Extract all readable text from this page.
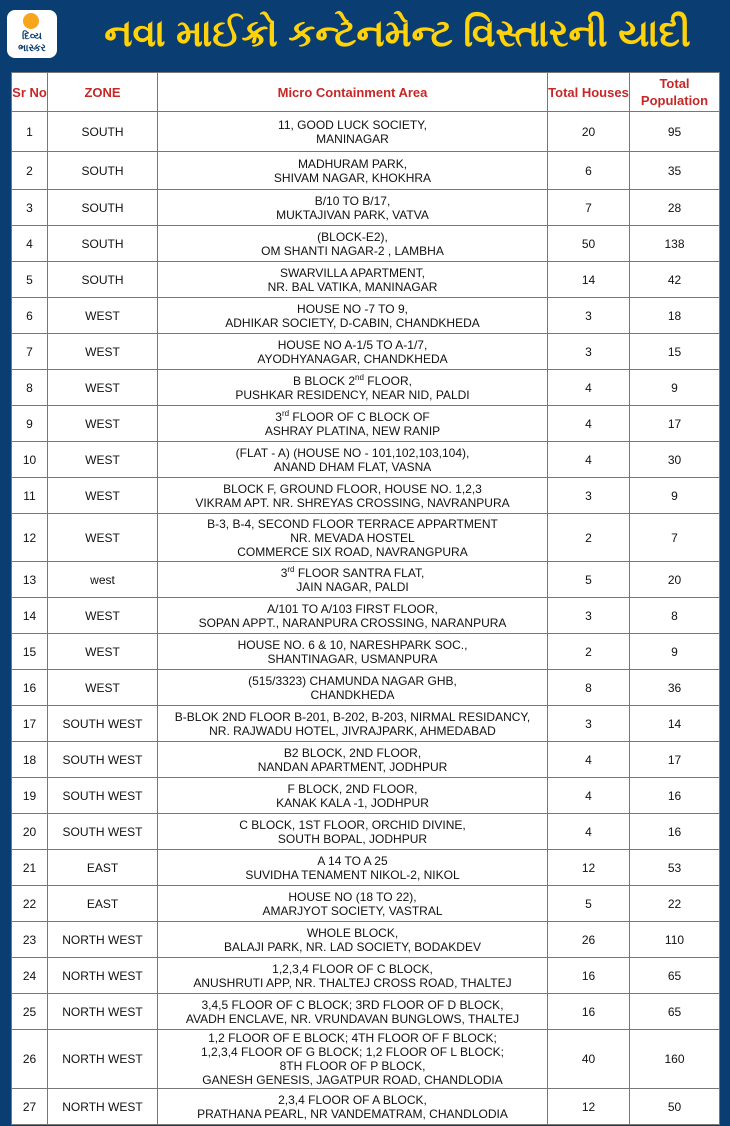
દિવ્ય
ભાસ્કર	નવા માઈક્રો કન્ટેનમેન્ટ વિસ્તારની યાદી
Sr No	ZONE	Micro Containment Area	Total Houses	Total Population
1	SOUTH	11, GOOD LUCK SOCIETY,
MANINAGAR	20	95
2	SOUTH	MADHURAM PARK,
SHIVAM NAGAR, KHOKHRA	6	35
3	SOUTH	B/10 TO B/17,
MUKTAJIVAN PARK, VATVA	7	28
4	SOUTH	(BLOCK-E2),
OM SHANTI NAGAR-2 , LAMBHA	50	138
5	SOUTH	SWARVILLA APARTMENT,
NR. BAL VATIKA, MANINAGAR	14	42
6	WEST	HOUSE NO -7 TO 9,
ADHIKAR SOCIETY, D-CABIN, CHANDKHEDA	3	18
7	WEST	HOUSE NO A-1/5 TO A-1/7,
AYODHYANAGAR, CHANDKHEDA	3	15
8	WEST	B BLOCK 2nd FLOOR,
PUSHKAR RESIDENCY, NEAR NID, PALDI	4	9
9	WEST	3rd FLOOR OF C BLOCK OF
ASHRAY PLATINA, NEW RANIP	4	17
10	WEST	(FLAT - A) (HOUSE NO - 101,102,103,104),
ANAND DHAM FLAT, VASNA	4	30
11	WEST	BLOCK F, GROUND FLOOR, HOUSE NO. 1,2,3
VIKRAM APT. NR. SHREYAS CROSSING, NAVRANPURA	3	9
12	WEST	B-3, B-4, SECOND FLOOR TERRACE APPARTMENT
NR. MEVADA HOSTEL
COMMERCE SIX ROAD, NAVRANGPURA	2	7
13	west	3rd FLOOR SANTRA FLAT,
JAIN NAGAR, PALDI	5	20
14	WEST	A/101 TO A/103 FIRST FLOOR,
SOPAN APPT., NARANPURA CROSSING, NARANPURA	3	8
15	WEST	HOUSE NO. 6 & 10, NARESHPARK SOC.,
SHANTINAGAR, USMANPURA	2	9
16	WEST	(515/3323) CHAMUNDA NAGAR GHB,
CHANDKHEDA	8	36
17	SOUTH WEST	B-BLOK 2ND FLOOR B-201, B-202, B-203, NIRMAL RESIDANCY,
NR. RAJWADU HOTEL, JIVRAJPARK, AHMEDABAD	3	14
18	SOUTH WEST	B2 BLOCK, 2ND FLOOR,
NANDAN APARTMENT, JODHPUR	4	17
19	SOUTH WEST	F BLOCK, 2ND FLOOR,
KANAK KALA -1, JODHPUR	4	16
20	SOUTH WEST	C BLOCK, 1ST FLOOR, ORCHID DIVINE,
SOUTH BOPAL, JODHPUR	4	16
21	EAST	A 14 TO A 25
SUVIDHA TENAMENT NIKOL-2, NIKOL	12	53
22	EAST	HOUSE NO (18 TO 22),
AMARJYOT SOCIETY, VASTRAL	5	22
23	NORTH WEST	WHOLE BLOCK,
BALAJI PARK, NR. LAD SOCIETY, BODAKDEV	26	110
24	NORTH WEST	1,2,3,4 FLOOR OF C BLOCK,
ANUSHRUTI APP, NR. THALTEJ CROSS ROAD, THALTEJ	16	65
25	NORTH WEST	3,4,5 FLOOR OF C BLOCK; 3RD FLOOR OF D BLOCK,
AVADH ENCLAVE, NR. VRUNDAVAN BUNGLOWS, THALTEJ	16	65
26	NORTH WEST	1,2 FLOOR OF E BLOCK; 4TH FLOOR OF F BLOCK;
1,2,3,4 FLOOR OF G BLOCK; 1,2 FLOOR OF L BLOCK;
8TH FLOOR OF P BLOCK,
GANESH GENESIS, JAGATPUR ROAD, CHANDLODIA	40	160
27	NORTH WEST	2,3,4 FLOOR OF A BLOCK,
PRATHANA PEARL, NR VANDEMATRAM, CHANDLODIA	12	50
